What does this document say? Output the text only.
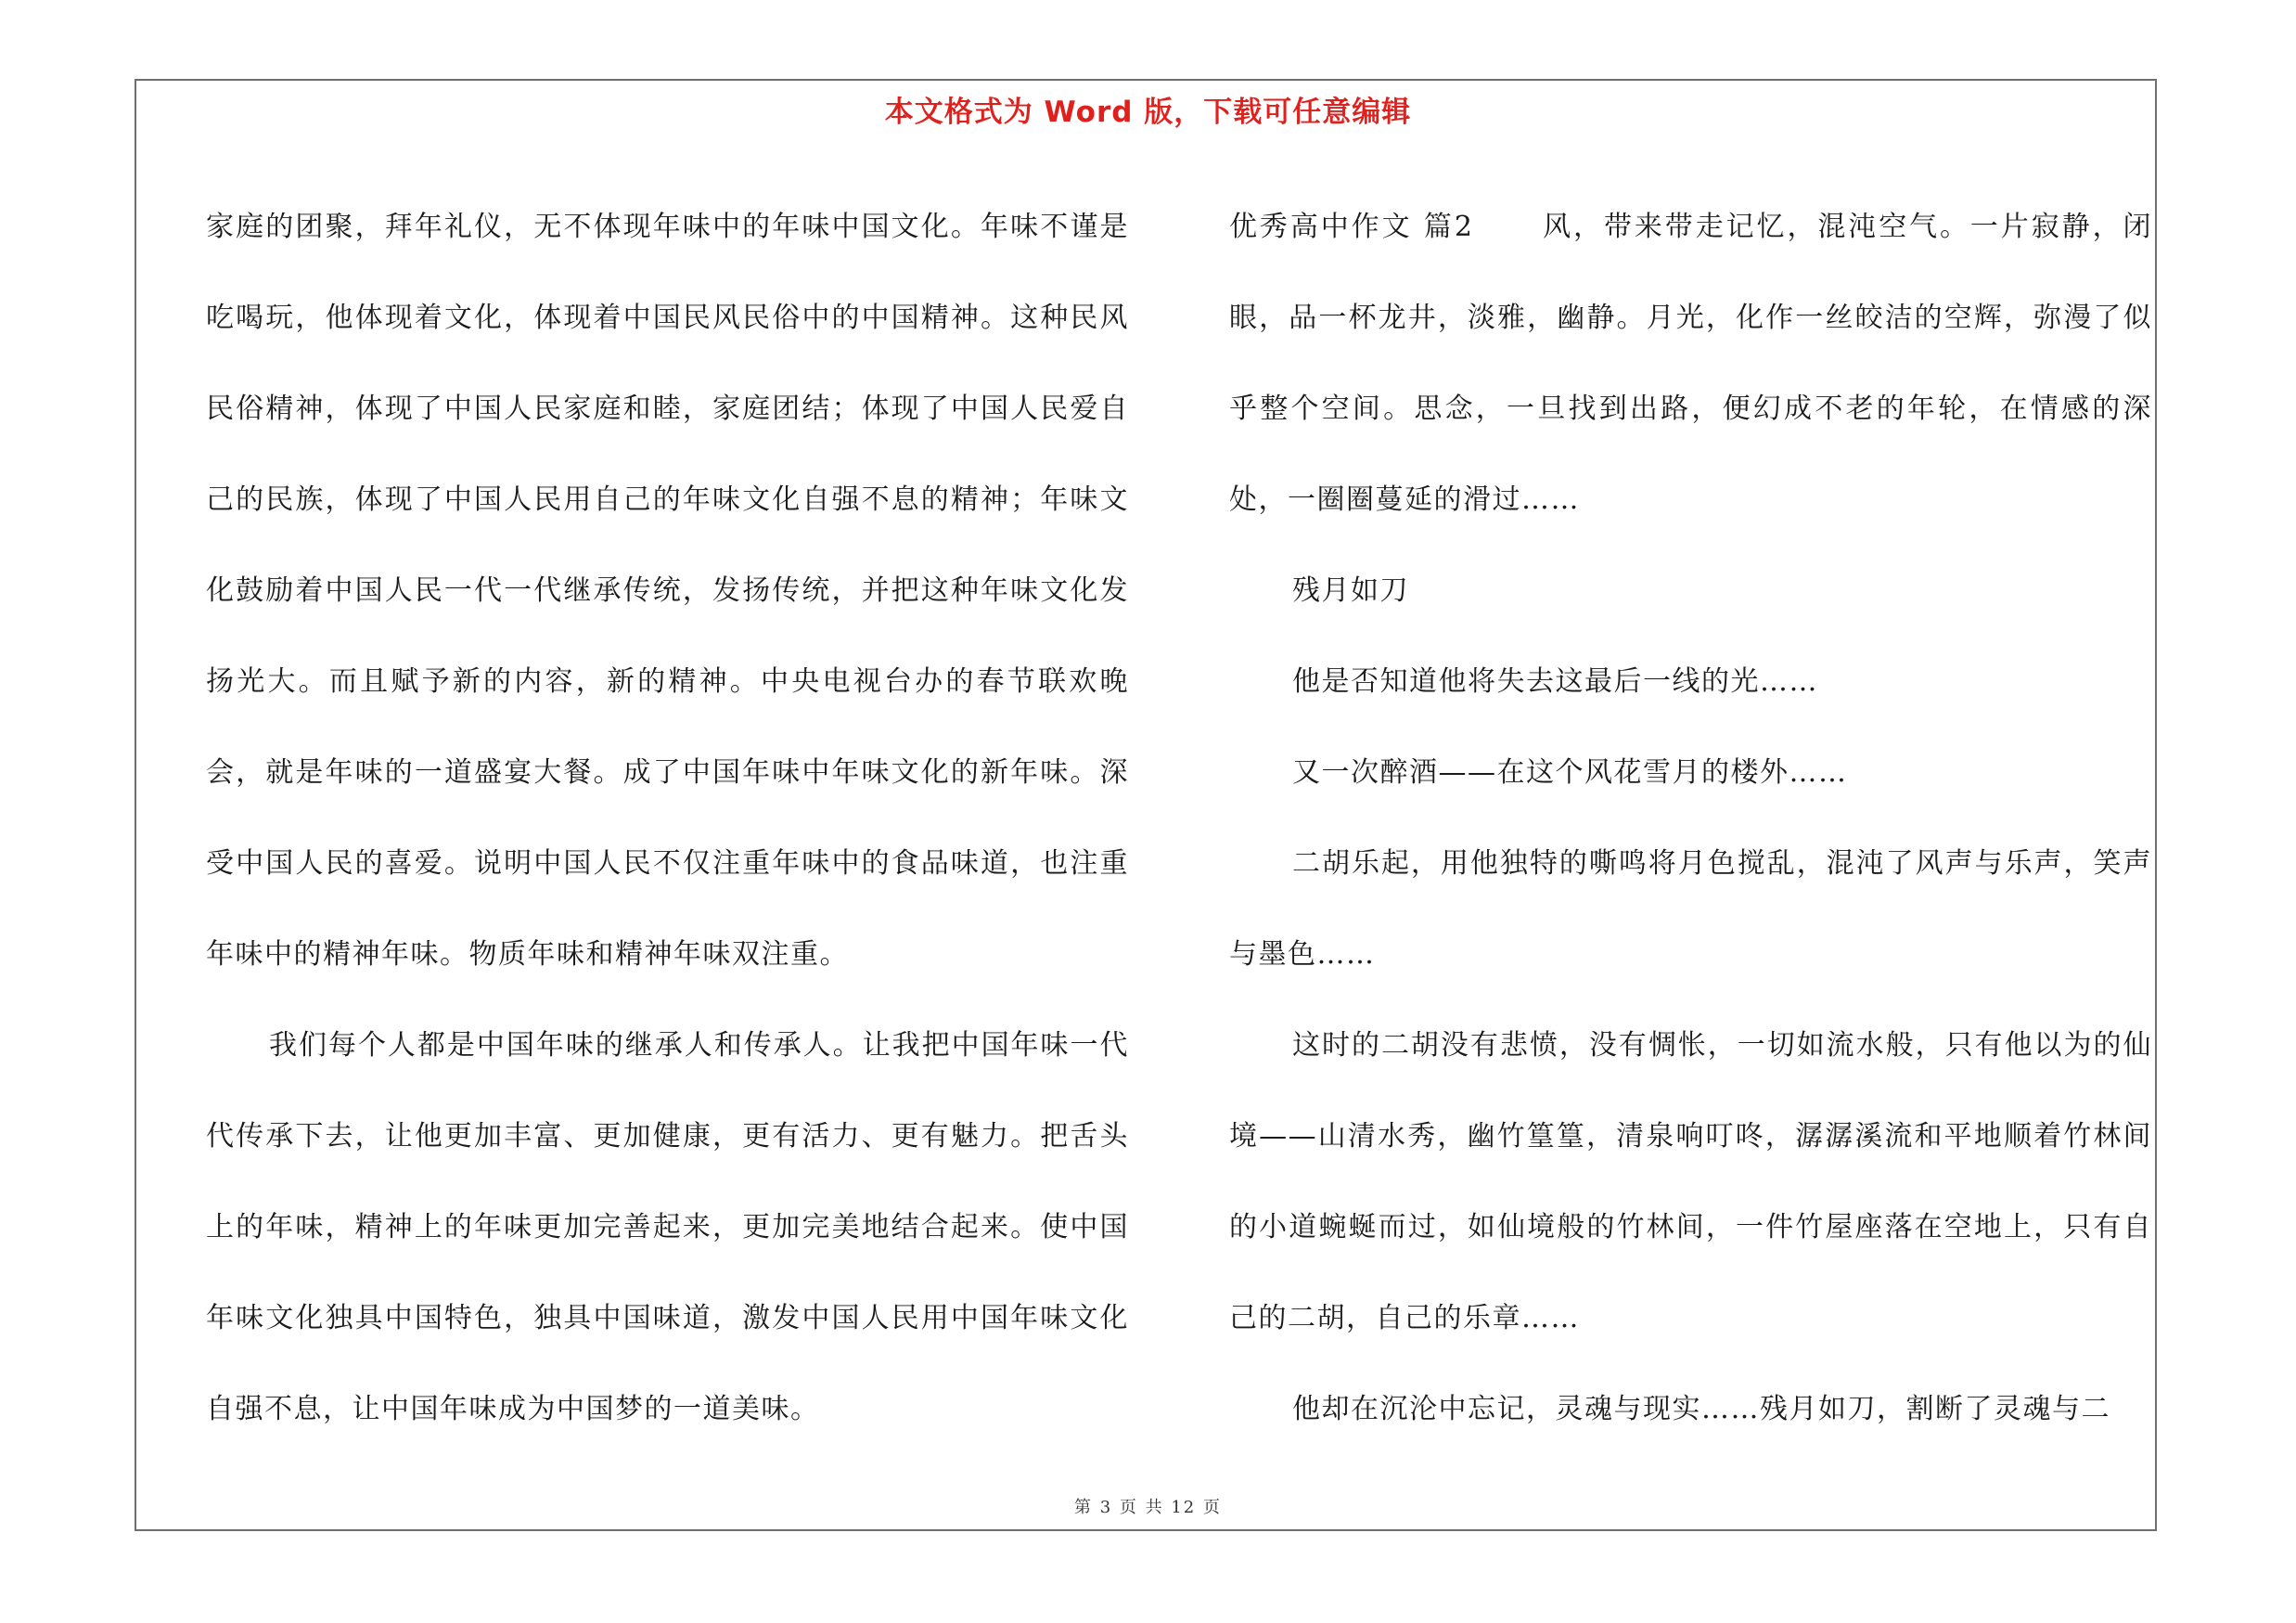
本文格式为 Word 版，下载可任意编辑

家庭的团聚，拜年礼仪，无不体现年味中的年味中国文化。年味不谨是吃喝玩，他体现着文化，体现着中国民风民俗中的中国精神。这种民风民俗精神，体现了中国人民家庭和睦，家庭团结；体现了中国人民爱自己的民族，体现了中国人民用自己的年味文化自强不息的精神；年味文化鼓励着中国人民一代一代继承传统，发扬传统，并把这种年味文化发扬光大。而且赋予新的内容，新的精神。中央电视台办的春节联欢晚会，就是年味的一道盛宴大餐。成了中国年味中年味文化的新年味。深受中国人民的喜爱。说明中国人民不仅注重年味中的食品味道，也注重年味中的精神年味。物质年味和精神年味双注重。

我们每个人都是中国年味的继承人和传承人。让我把中国年味一代代传承下去，让他更加丰富、更加健康，更有活力、更有魅力。把舌头上的年味，精神上的年味更加完善起来，更加完美地结合起来。使中国年味文化独具中国特色，独具中国味道，激发中国人民用中国年味文化自强不息，让中国年味成为中国梦的一道美味。

优秀高中作文 篇2 风，带来带走记忆，混沌空气。一片寂静，闭眼，品一杯龙井，淡雅，幽静。月光，化作一丝皎洁的空辉，弥漫了似乎整个空间。思念，一旦找到出路，便幻成不老的年轮，在情感的深处，一圈圈蔓延的滑过……

残月如刀

他是否知道他将失去这最后一线的光……

又一次醉酒——在这个风花雪月的楼外……

二胡乐起，用他独特的嘶鸣将月色搅乱，混沌了风声与乐声，笑声与墨色……

这时的二胡没有悲愤，没有惆怅，一切如流水般，只有他以为的仙境——山清水秀，幽竹篁篁，清泉响叮咚，潺潺溪流和平地顺着竹林间的小道蜿蜒而过，如仙境般的竹林间，一件竹屋座落在空地上，只有自己的二胡，自己的乐章……

他却在沉沦中忘记，灵魂与现实……残月如刀，割断了灵魂与二

第 3 页 共 12 页
